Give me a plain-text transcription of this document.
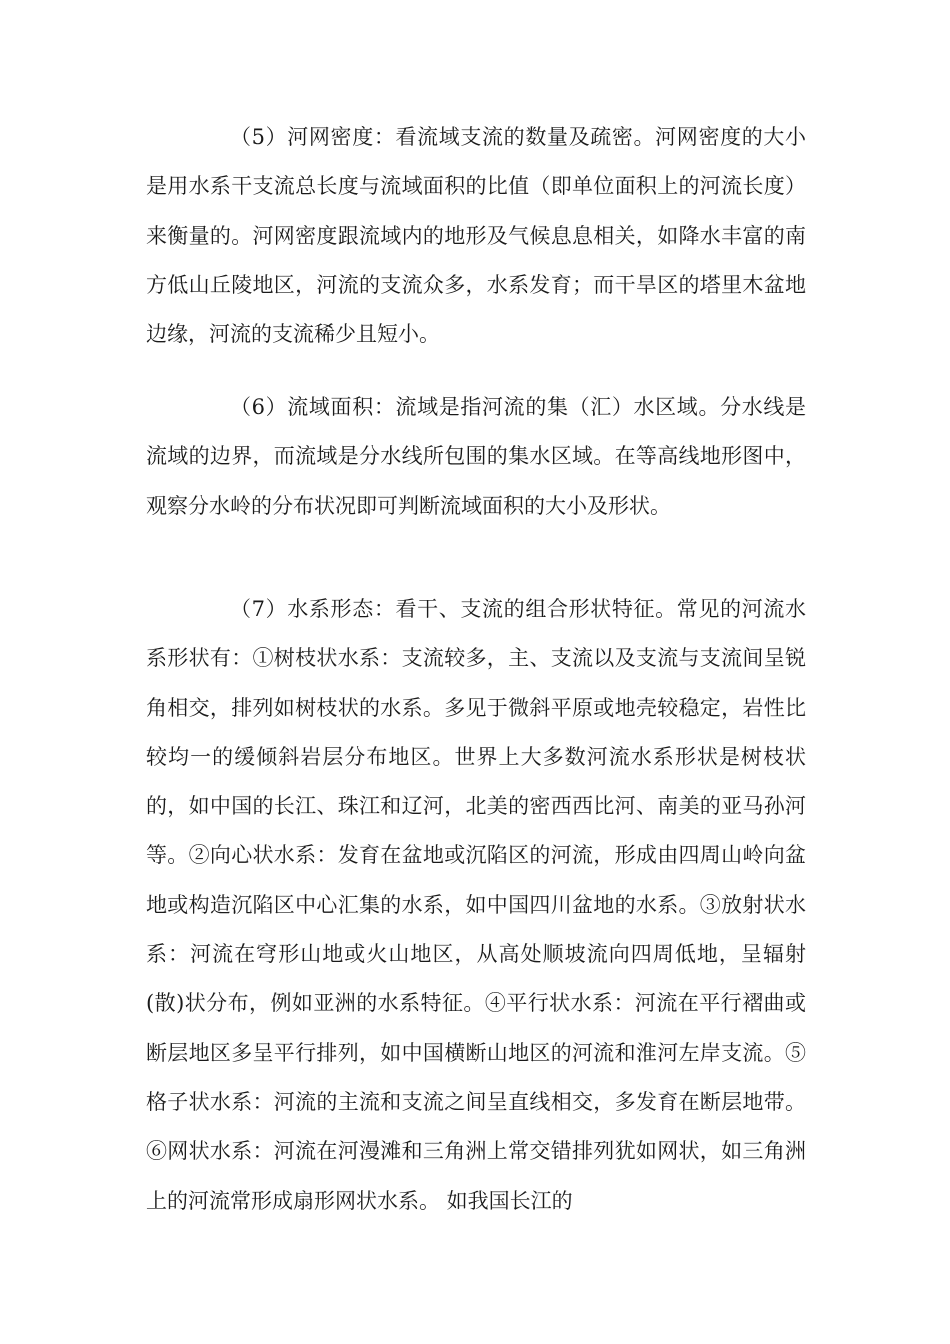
（5）河网密度：看流域支流的数量及疏密。河网密度的大小是用水系干支流总长度与流域面积的比值（即单位面积上的河流长度）来衡量的。河网密度跟流域内的地形及气候息息相关，如降水丰富的南方低山丘陵地区，河流的支流众多，水系发育；而干旱区的塔里木盆地边缘，河流的支流稀少且短小。

（6）流域面积：流域是指河流的集（汇）水区域。分水线是流域的边界，而流域是分水线所包围的集水区域。在等高线地形图中，观察分水岭的分布状况即可判断流域面积的大小及形状。

（7）水系形态：看干、支流的组合形状特征。常见的河流水系形状有：①树枝状水系：支流较多，主、支流以及支流与支流间呈锐角相交，排列如树枝状的水系。多见于微斜平原或地壳较稳定，岩性比较均一的缓倾斜岩层分布地区。世界上大多数河流水系形状是树枝状的，如中国的长江、珠江和辽河，北美的密西西比河、南美的亚马孙河等。②向心状水系：发育在盆地或沉陷区的河流，形成由四周山岭向盆地或构造沉陷区中心汇集的水系，如中国四川盆地的水系。③放射状水系：河流在穹形山地或火山地区，从高处顺坡流向四周低地，呈辐射(散)状分布，例如亚洲的水系特征。④平行状水系：河流在平行褶曲或断层地区多呈平行排列，如中国横断山地区的河流和淮河左岸支流。⑤格子状水系：河流的主流和支流之间呈直线相交，多发育在断层地带。⑥网状水系：河流在河漫滩和三角洲上常交错排列犹如网状，如三角洲上的河流常形成扇形网状水系。 如我国长江的
